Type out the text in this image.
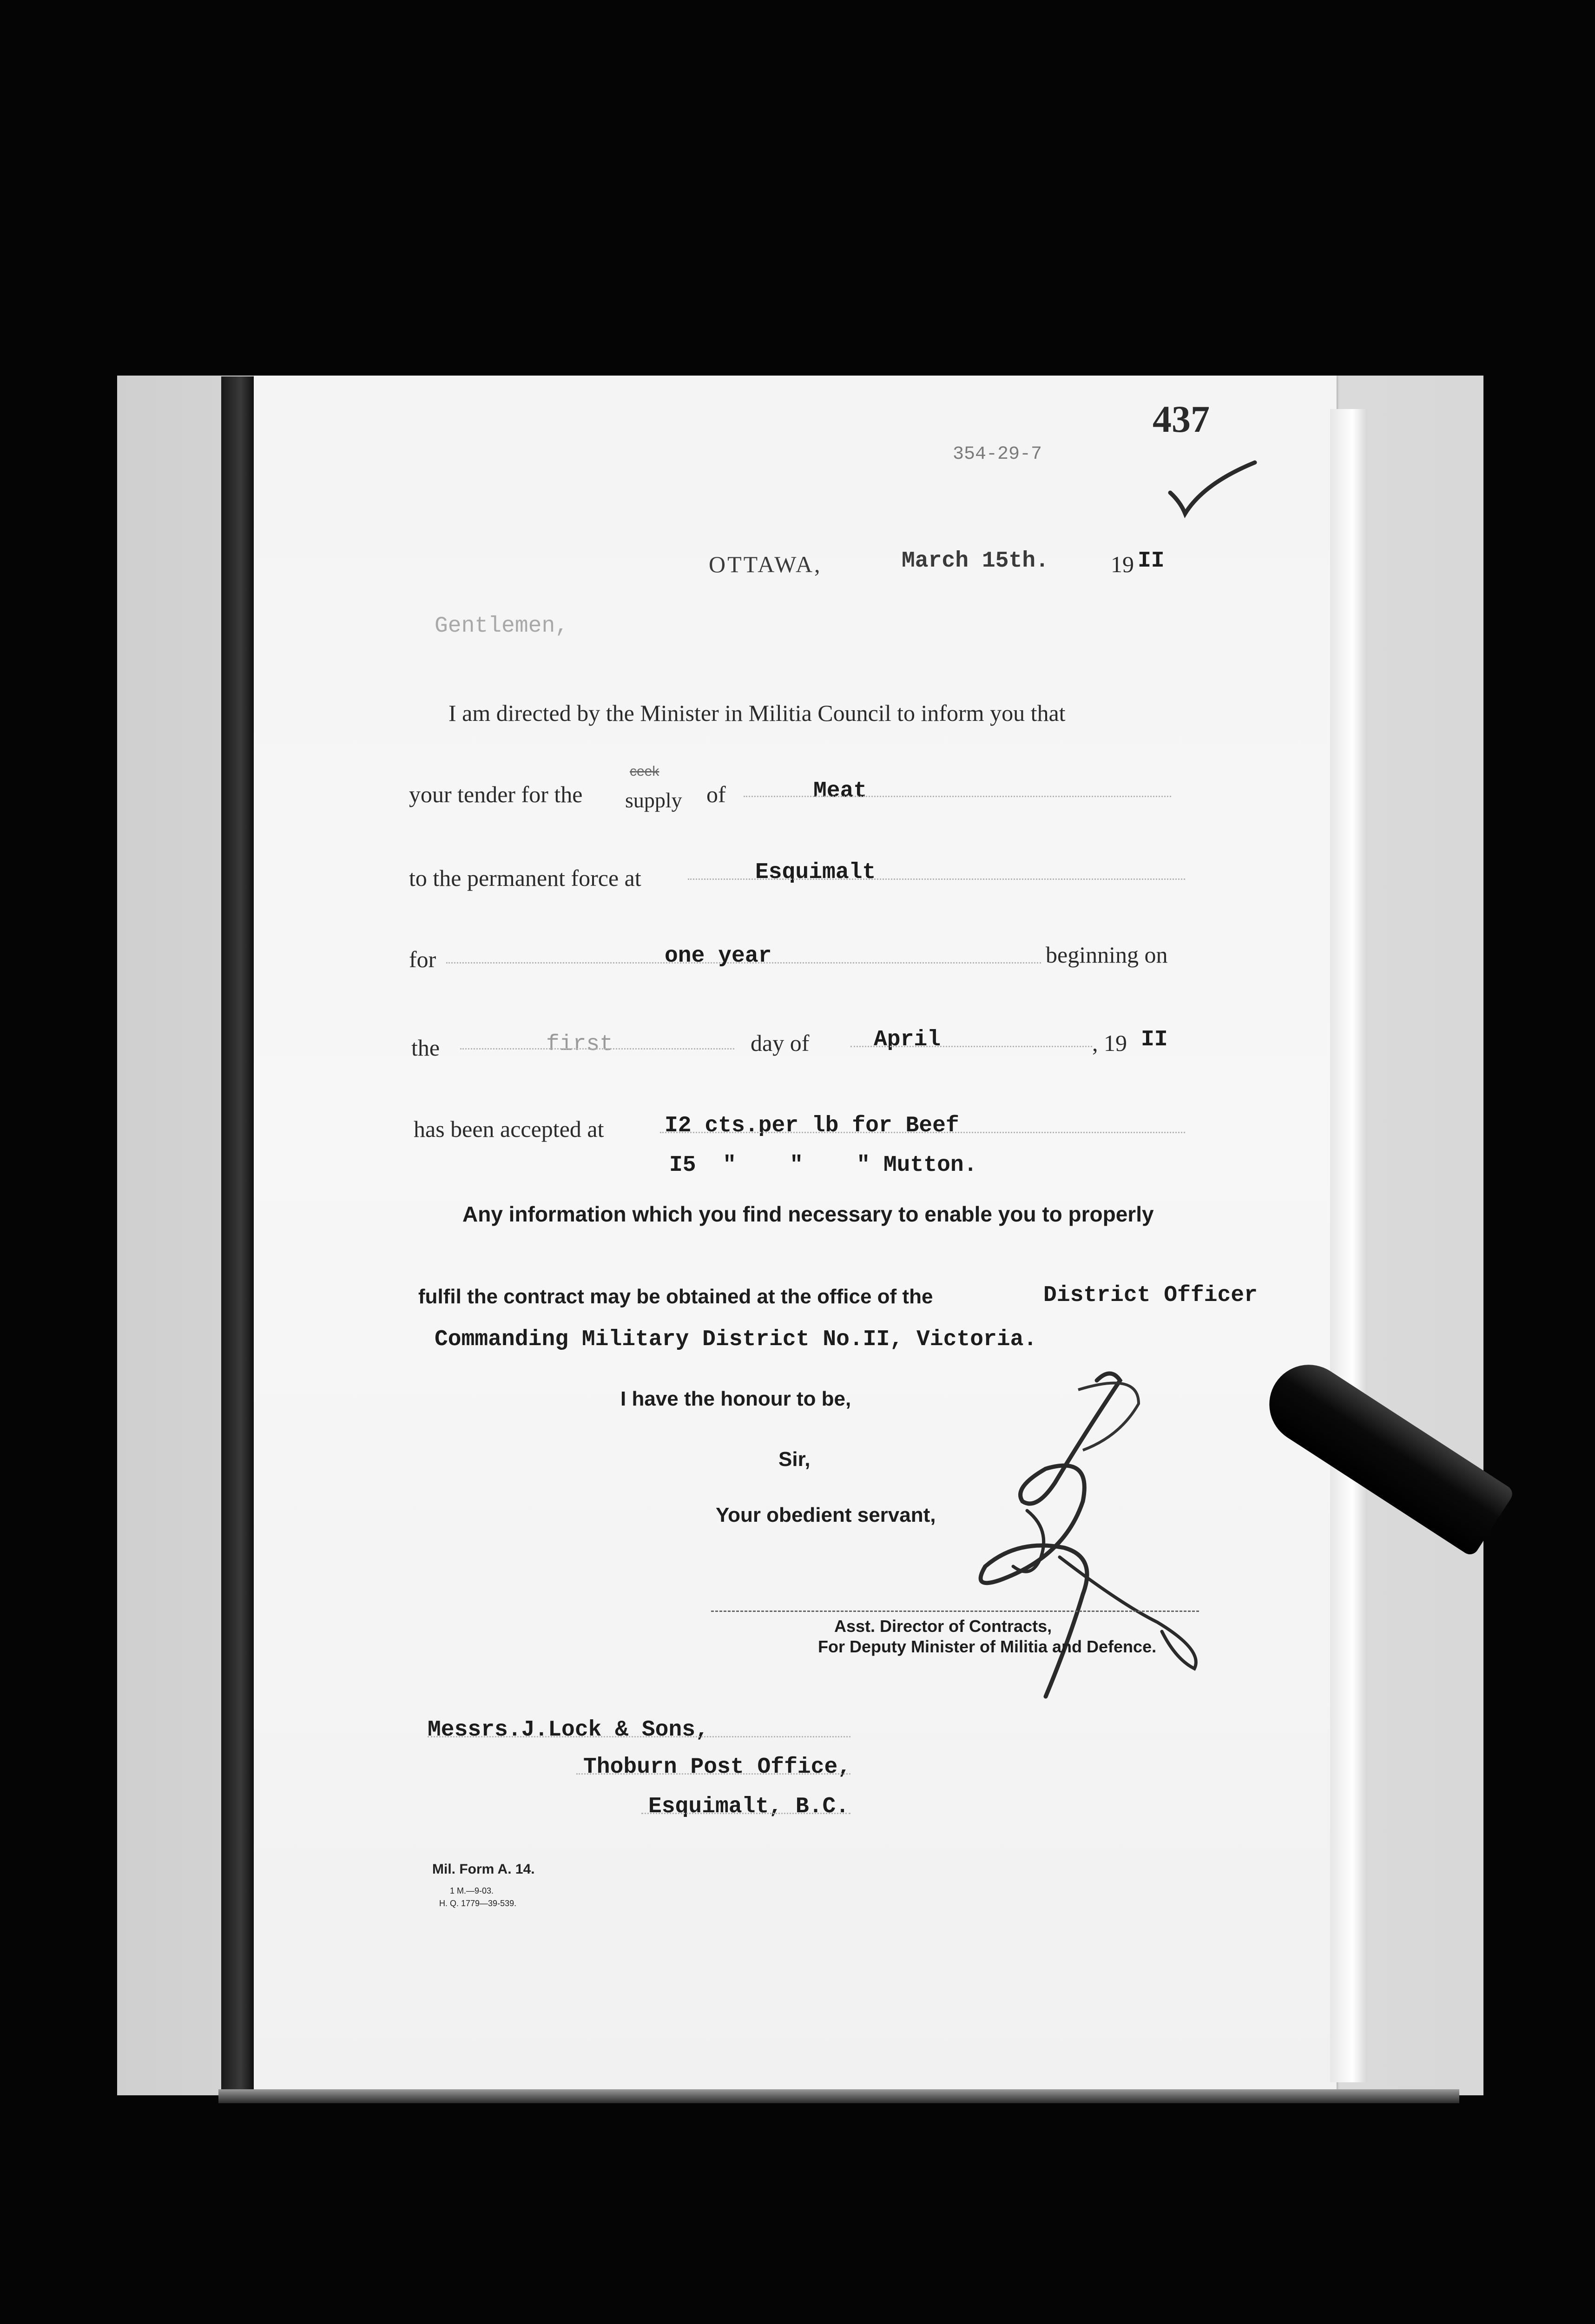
437
354-29-7
OTTAWA,	March 15th.	19 II
Gentlemen,
I am directed by the Minister in Militia Council to inform you that
your tender for the
ceek
supply of	Meat
to the permanent force at	Esquimalt
for	one year	beginning on
the	first	day of	April	, 19 II
has been accepted at	I2 cts.per lb for Beef
I5  "    "    " Mutton.
Any information which you find necessary to enable you to properly
fulfil the contract may be obtained at the office of the	District Officer
Commanding Military District No.II, Victoria.
I have the honour to be,
Sir,
Your obedient servant,
Asst. Director of Contracts,
For Deputy Minister of Militia and Defence.
Messrs.J.Lock & Sons,
Thoburn Post Office,
Esquimalt, B.C.
Mil. Form A. 14.
1 M.—9-03.
H. Q. 1779—39-539.
